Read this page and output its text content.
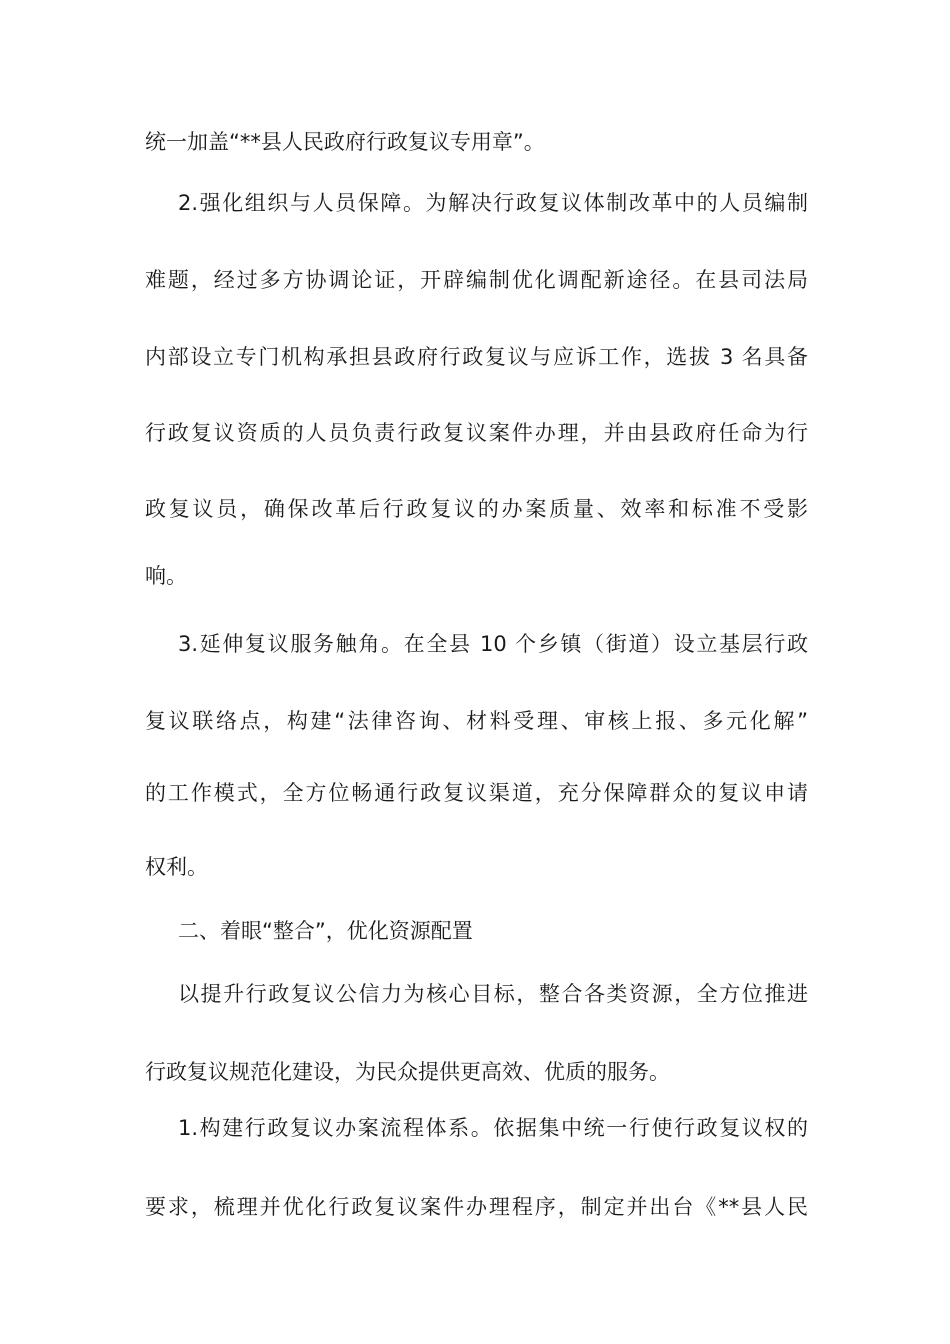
统一加盖“**县人民政府行政复议专用章”。
2.强化组织与人员保障。为解决行政复议体制改革中的人员编制
难题，经过多方协调论证，开辟编制优化调配新途径。在县司法局
内部设立专门机构承担县政府行政复议与应诉工作，选拔 3 名具备
行政复议资质的人员负责行政复议案件办理，并由县政府任命为行
政复议员，确保改革后行政复议的办案质量、效率和标准不受影
响。
3.延伸复议服务触角。在全县 10 个乡镇（街道）设立基层行政
复议联络点，构建“法律咨询、材料受理、审核上报、多元化解”
的工作模式，全方位畅通行政复议渠道，充分保障群众的复议申请
权利。
二、着眼“整合”，优化资源配置
以提升行政复议公信力为核心目标，整合各类资源，全方位推进
行政复议规范化建设，为民众提供更高效、优质的服务。
1.构建行政复议办案流程体系。依据集中统一行使行政复议权的
要求，梳理并优化行政复议案件办理程序，制定并出台《**县人民
